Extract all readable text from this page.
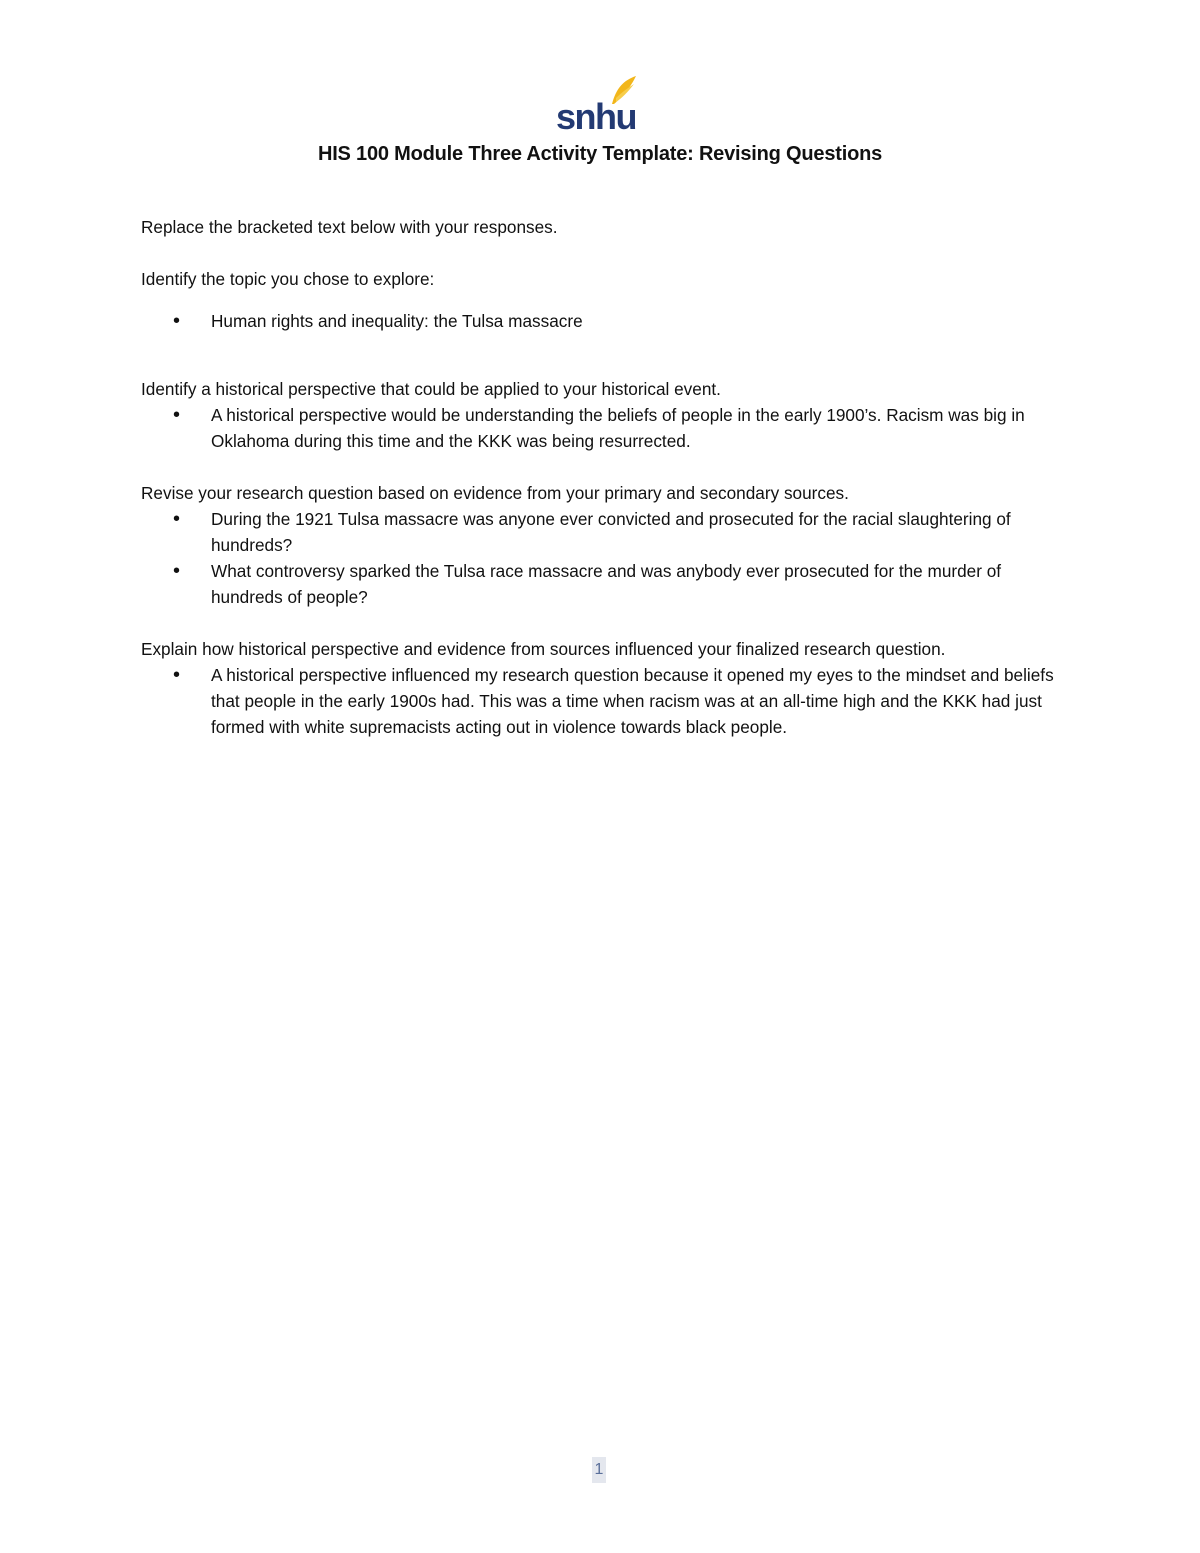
snhu
HIS 100 Module Three Activity Template: Revising Questions

Replace the bracketed text below with your responses.

Identify the topic you chose to explore:

• Human rights and inequality: the Tulsa massacre

Identify a historical perspective that could be applied to your historical event.

• A historical perspective would be understanding the beliefs of people in the early 1900’s. Racism was big in Oklahoma during this time and the KKK was being resurrected.

Revise your research question based on evidence from your primary and secondary sources.

• During the 1921 Tulsa massacre was anyone ever convicted and prosecuted for the racial slaughtering of hundreds?
• What controversy sparked the Tulsa race massacre and was anybody ever prosecuted for the murder of hundreds of people?

Explain how historical perspective and evidence from sources influenced your finalized research question.

• A historical perspective influenced my research question because it opened my eyes to the mindset and beliefs that people in the early 1900s had. This was a time when racism was at an all-time high and the KKK had just formed with white supremacists acting out in violence towards black people.
1
